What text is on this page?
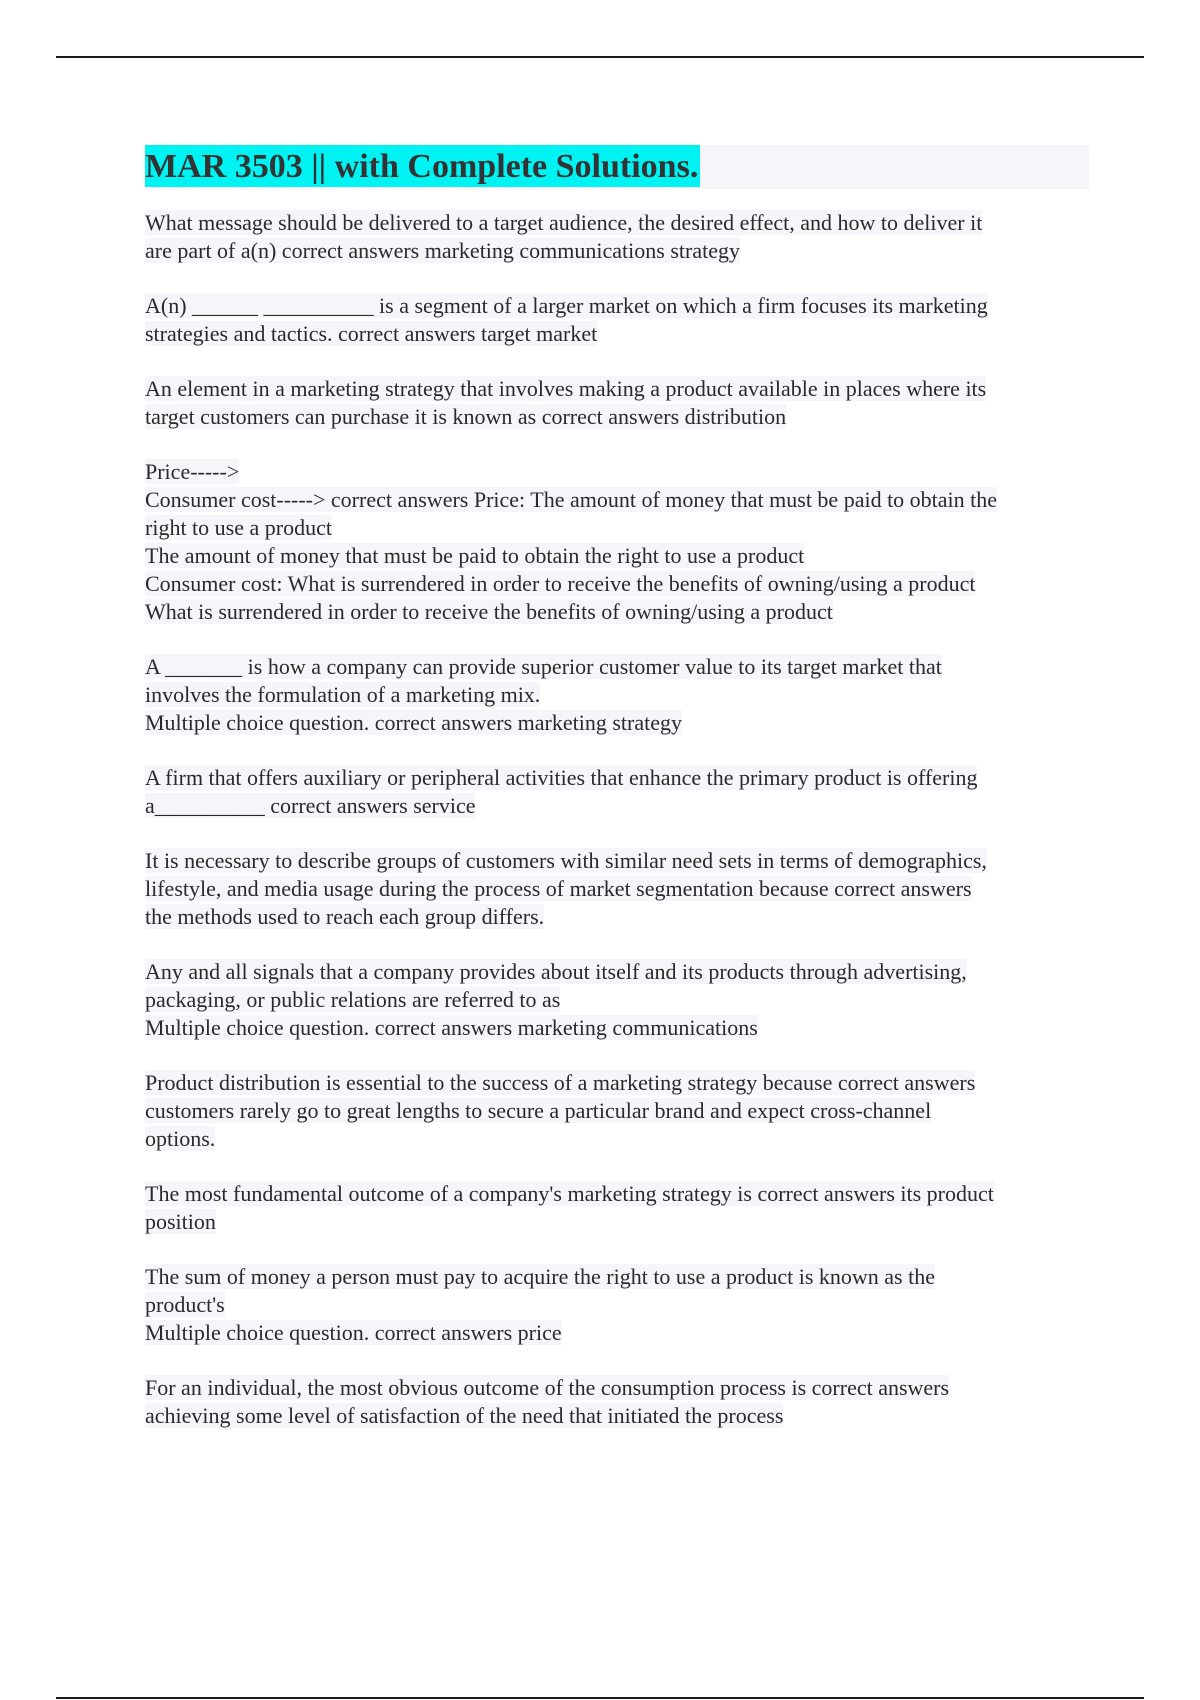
MAR 3503 || with Complete Solutions.
What message should be delivered to a target audience, the desired effect, and how to deliver it
are part of a(n) correct answers marketing communications strategy
A(n) ______ __________ is a segment of a larger market on which a firm focuses its marketing
strategies and tactics. correct answers target market
An element in a marketing strategy that involves making a product available in places where its
target customers can purchase it is known as correct answers distribution
Price----->
Consumer cost-----> correct answers Price: The amount of money that must be paid to obtain the
right to use a product
The amount of money that must be paid to obtain the right to use a product
Consumer cost: What is surrendered in order to receive the benefits of owning/using a product
What is surrendered in order to receive the benefits of owning/using a product
A _______ is how a company can provide superior customer value to its target market that
involves the formulation of a marketing mix.
Multiple choice question. correct answers marketing strategy
A firm that offers auxiliary or peripheral activities that enhance the primary product is offering
a__________ correct answers service
It is necessary to describe groups of customers with similar need sets in terms of demographics,
lifestyle, and media usage during the process of market segmentation because correct answers
the methods used to reach each group differs.
Any and all signals that a company provides about itself and its products through advertising,
packaging, or public relations are referred to as
Multiple choice question. correct answers marketing communications
Product distribution is essential to the success of a marketing strategy because correct answers
customers rarely go to great lengths to secure a particular brand and expect cross-channel
options.
The most fundamental outcome of a company's marketing strategy is correct answers its product
position
The sum of money a person must pay to acquire the right to use a product is known as the
product's
Multiple choice question. correct answers price
For an individual, the most obvious outcome of the consumption process is correct answers
achieving some level of satisfaction of the need that initiated the process
